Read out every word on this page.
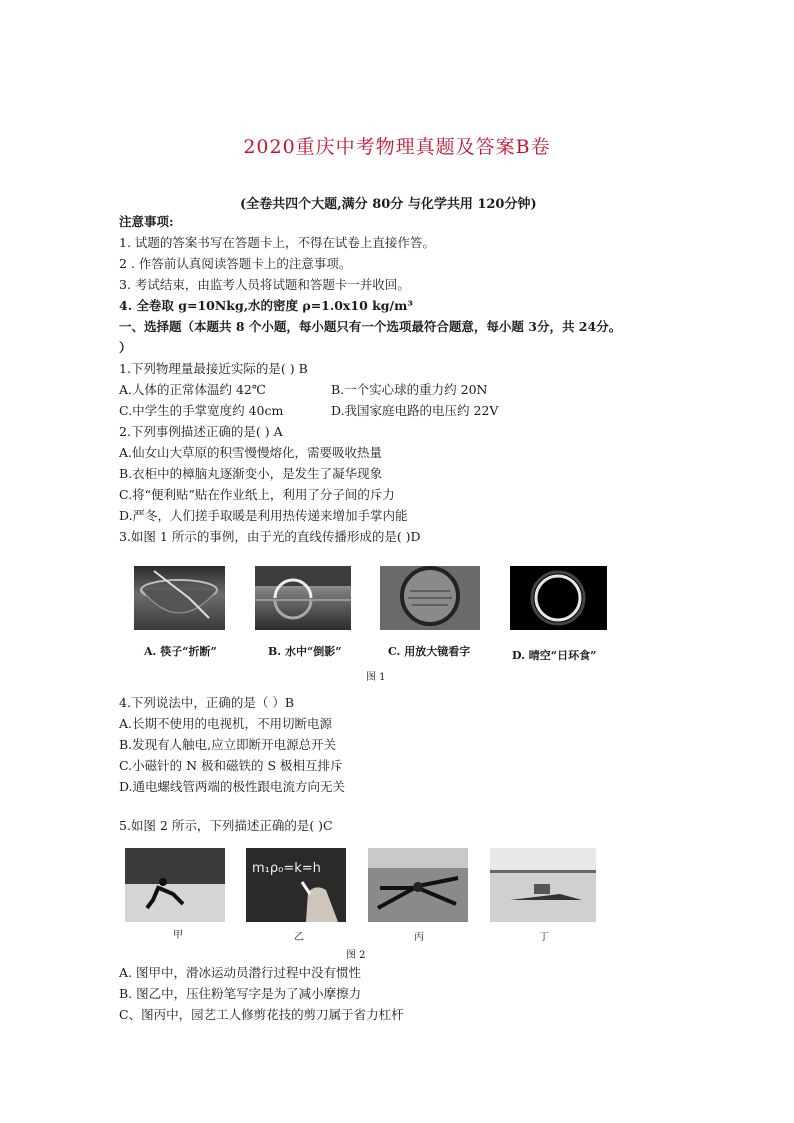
2020重庆中考物理真题及答案B卷
(全卷共四个大题,满分 80分 与化学共用 120分钟)
注意事项:
1. 试题的答案书写在答题卡上，不得在试卷上直接作答。
2 . 作答前认真阅读答题卡上的注意事项。
3. 考试结束，由监考人员将试题和答题卡一并收回。
4. 全卷取 g=10Nkg,水的密度 ρ=1.0x10 kg/m³
一、选择题（本题共 8 个小题，每小题只有一个选项最符合题意，每小题 3分，共 24分。
）
1.下列物理量最接近实际的是( ) B
A.人体的正常体温约 42℃	B.一个实心球的重力约 20N
C.中学生的手掌宽度约 40cm	D.我国家庭电路的电压约 22V
2.下列事例描述正确的是( ) A
A.仙女山大草原的积雪慢慢熔化，需要吸收热量
B.衣柜中的樟脑丸逐渐变小，是发生了凝华现象
C.将“便利贴”贴在作业纸上，利用了分子间的斥力
D.严冬，人们搓手取暖是利用热传递来增加手掌内能
3.如图 1 所示的事例，由于光的直线传播形成的是( )D
A. 筷子“折断”	B. 水中“倒影”	C. 用放大镜看字	D. 晴空“日环食”
图 1
4.下列说法中，正确的是（ ）B
A.长期不使用的电视机，不用切断电源
B.发现有人触电,应立即断开电源总开关
C.小磁针的 N 极和磁铁的 S 极相互排斥
D.通电螺线管两端的极性跟电流方向无关
5.如图 2 所示，下列描述正确的是( )C
m₁ρ₀=k=h
甲	乙	丙	丁
图 2
A. 图甲中，滑冰运动员潜行过程中没有惯性
B. 图乙中，压住粉笔写字是为了减小摩擦力
C、图丙中，园艺工人修剪花技的剪刀属于省力杠杆
